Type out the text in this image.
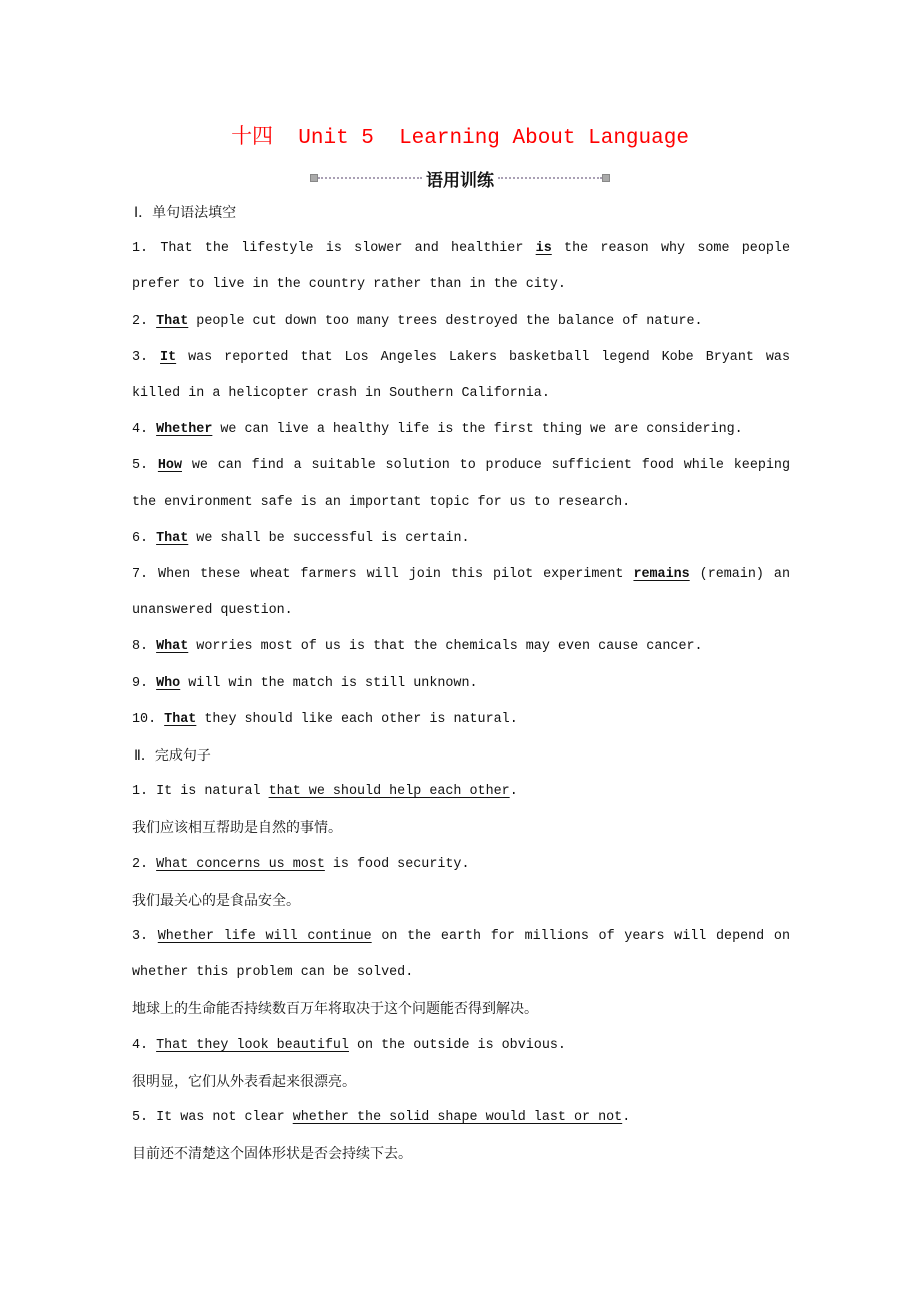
十四  Unit 5  Learning About Language
语用训练

Ⅰ．单句语法填空

1. That the lifestyle is slower and healthier is the reason why some people prefer to live in the country rather than in the city.

2. That people cut down too many trees destroyed the balance of nature.

3. It was reported that Los Angeles Lakers basketball legend Kobe Bryant was killed in a helicopter crash in Southern California.

4. Whether we can live a healthy life is the first thing we are considering.

5. How we can find a suitable solution to produce sufficient food while keeping the environment safe is an important topic for us to research.

6. That we shall be successful is certain.

7. When these wheat farmers will join this pilot experiment remains (remain) an unanswered question.

8. What worries most of us is that the chemicals may even cause cancer.

9. Who will win the match is still unknown.

10. That they should like each other is natural.

Ⅱ．完成句子

1. It is natural that we should help each other.

我们应该相互帮助是自然的事情。

2. What concerns us most is food security.

我们最关心的是食品安全。

3. Whether life will continue on the earth for millions of years will depend on whether this problem can be solved.

地球上的生命能否持续数百万年将取决于这个问题能否得到解决。

4. That they look beautiful on the outside is obvious.

很明显，它们从外表看起来很漂亮。

5. It was not clear whether the solid shape would last or not.

目前还不清楚这个固体形状是否会持续下去。
